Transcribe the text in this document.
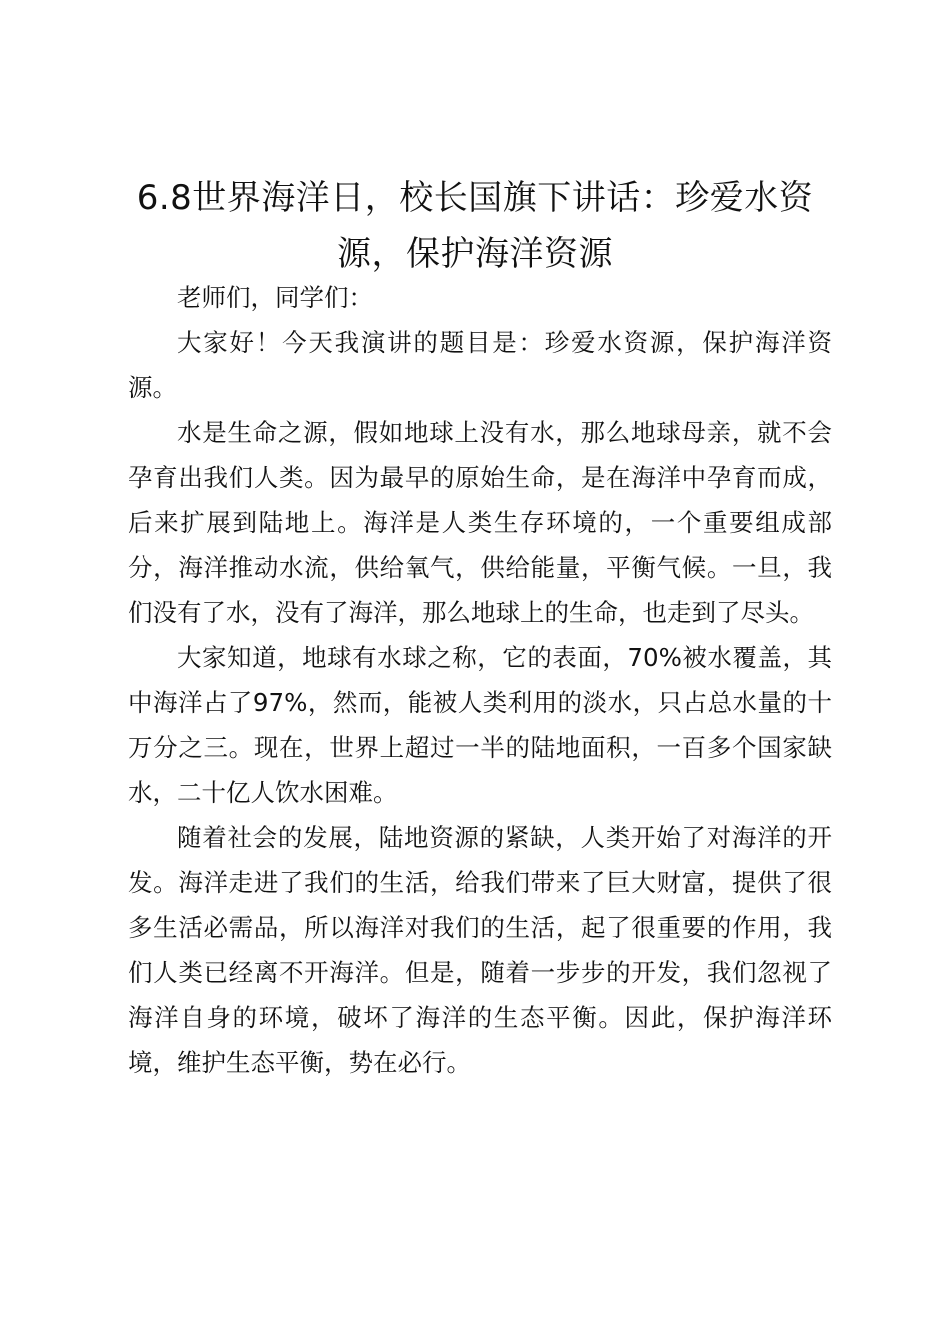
6.8世界海洋日，校长国旗下讲话：珍爱水资源，保护海洋资源

老师们，同学们：

大家好！今天我演讲的题目是：珍爱水资源，保护海洋资源。

水是生命之源，假如地球上没有水，那么地球母亲，就不会孕育出我们人类。因为最早的原始生命，是在海洋中孕育而成，后来扩展到陆地上。海洋是人类生存环境的，一个重要组成部分，海洋推动水流，供给氧气，供给能量，平衡气候。一旦，我们没有了水，没有了海洋，那么地球上的生命，也走到了尽头。

大家知道，地球有水球之称，它的表面，70%被水覆盖，其中海洋占了97%，然而，能被人类利用的淡水，只占总水量的十万分之三。现在，世界上超过一半的陆地面积，一百多个国家缺水，二十亿人饮水困难。

随着社会的发展，陆地资源的紧缺，人类开始了对海洋的开发。海洋走进了我们的生活，给我们带来了巨大财富，提供了很多生活必需品，所以海洋对我们的生活，起了很重要的作用，我们人类已经离不开海洋。但是，随着一步步的开发，我们忽视了海洋自身的环境，破坏了海洋的生态平衡。因此，保护海洋环境，维护生态平衡，势在必行。
